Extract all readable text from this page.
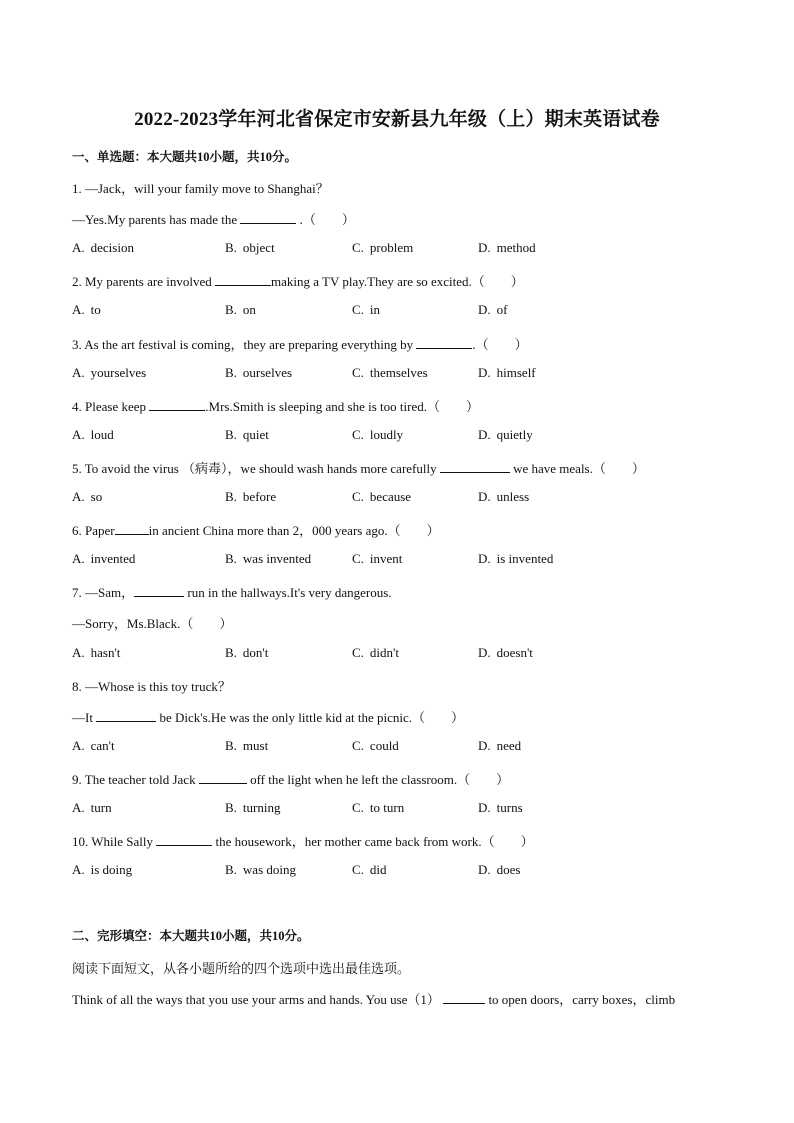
2022-2023学年河北省保定市安新县九年级（上）期末英语试卷
一、单选题：本大题共10小题，共10分。
1. —Jack，will your family move to Shanghai？
—Yes.My parents has made the	.（　　）
A. decision	B. object	C. problem	D. method
2. My parents are involved	making a TV play.They are so excited.（　　）
A. to	B. on	C. in	D. of
3. As the art festival is coming，they are preparing everything by	.（　　）
A. yourselves	B. ourselves	C. themselves	D. himself
4. Please keep	.Mrs.Smith is sleeping and she is too tired.（　　）
A. loud	B. quiet	C. loudly	D. quietly
5. To avoid the virus （病毒），we should wash hands more carefully	we have meals.（　　）
A. so	B. before	C. because	D. unless
6. Paper	in ancient China more than 2，000 years ago.（　　）
A. invented	B. was invented	C. invent	D. is invented
7. —Sam，	run in the hallways.It's very dangerous.
—Sorry，Ms.Black.（　　）
A. hasn't	B. don't	C. didn't	D. doesn't
8. —Whose is this toy truck？
—It	be Dick's.He was the only little kid at the picnic.（　　）
A. can't	B. must	C. could	D. need
9. The teacher told Jack	off the light when he left the classroom.（　　）
A. turn	B. turning	C. to turn	D. turns
10. While Sally	the housework，her mother came back from work.（　　）
A. is doing	B. was doing	C. did	D. does
二、完形填空：本大题共10小题，共10分。
阅读下面短文，从各小题所给的四个选项中选出最佳选项。
Think of all the ways that you use your arms and hands. You use（1）	to open doors，carry boxes，climb
